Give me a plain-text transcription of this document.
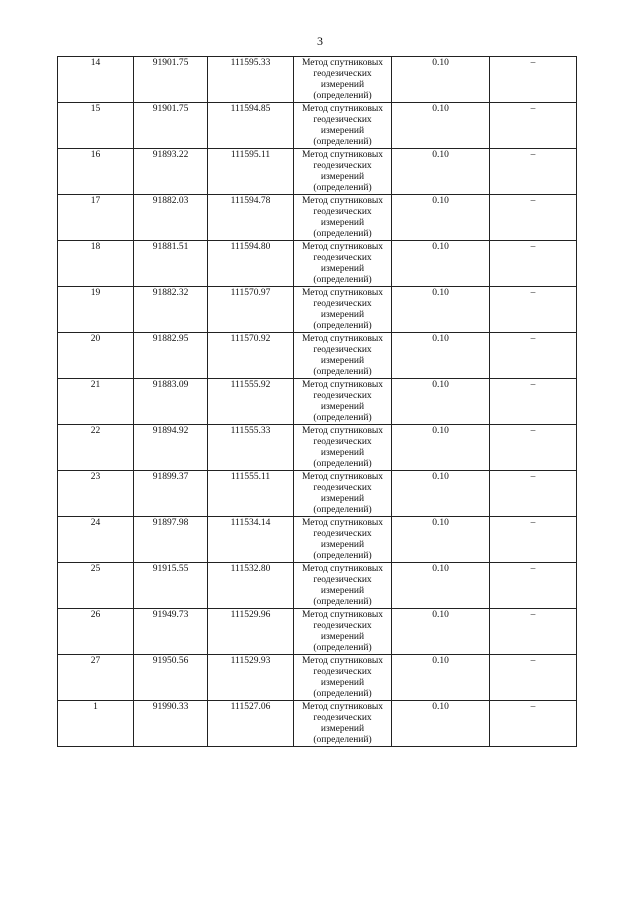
3
14	91901.75	111595.33	Метод спутниковых
геодезических
измерений
(определений)	0.10	–
15	91901.75	111594.85	Метод спутниковых
геодезических
измерений
(определений)	0.10	–
16	91893.22	111595.11	Метод спутниковых
геодезических
измерений
(определений)	0.10	–
17	91882.03	111594.78	Метод спутниковых
геодезических
измерений
(определений)	0.10	–
18	91881.51	111594.80	Метод спутниковых
геодезических
измерений
(определений)	0.10	–
19	91882.32	111570.97	Метод спутниковых
геодезических
измерений
(определений)	0.10	–
20	91882.95	111570.92	Метод спутниковых
геодезических
измерений
(определений)	0.10	–
21	91883.09	111555.92	Метод спутниковых
геодезических
измерений
(определений)	0.10	–
22	91894.92	111555.33	Метод спутниковых
геодезических
измерений
(определений)	0.10	–
23	91899.37	111555.11	Метод спутниковых
геодезических
измерений
(определений)	0.10	–
24	91897.98	111534.14	Метод спутниковых
геодезических
измерений
(определений)	0.10	–
25	91915.55	111532.80	Метод спутниковых
геодезических
измерений
(определений)	0.10	–
26	91949.73	111529.96	Метод спутниковых
геодезических
измерений
(определений)	0.10	–
27	91950.56	111529.93	Метод спутниковых
геодезических
измерений
(определений)	0.10	–
1	91990.33	111527.06	Метод спутниковых
геодезических
измерений
(определений)	0.10	–
